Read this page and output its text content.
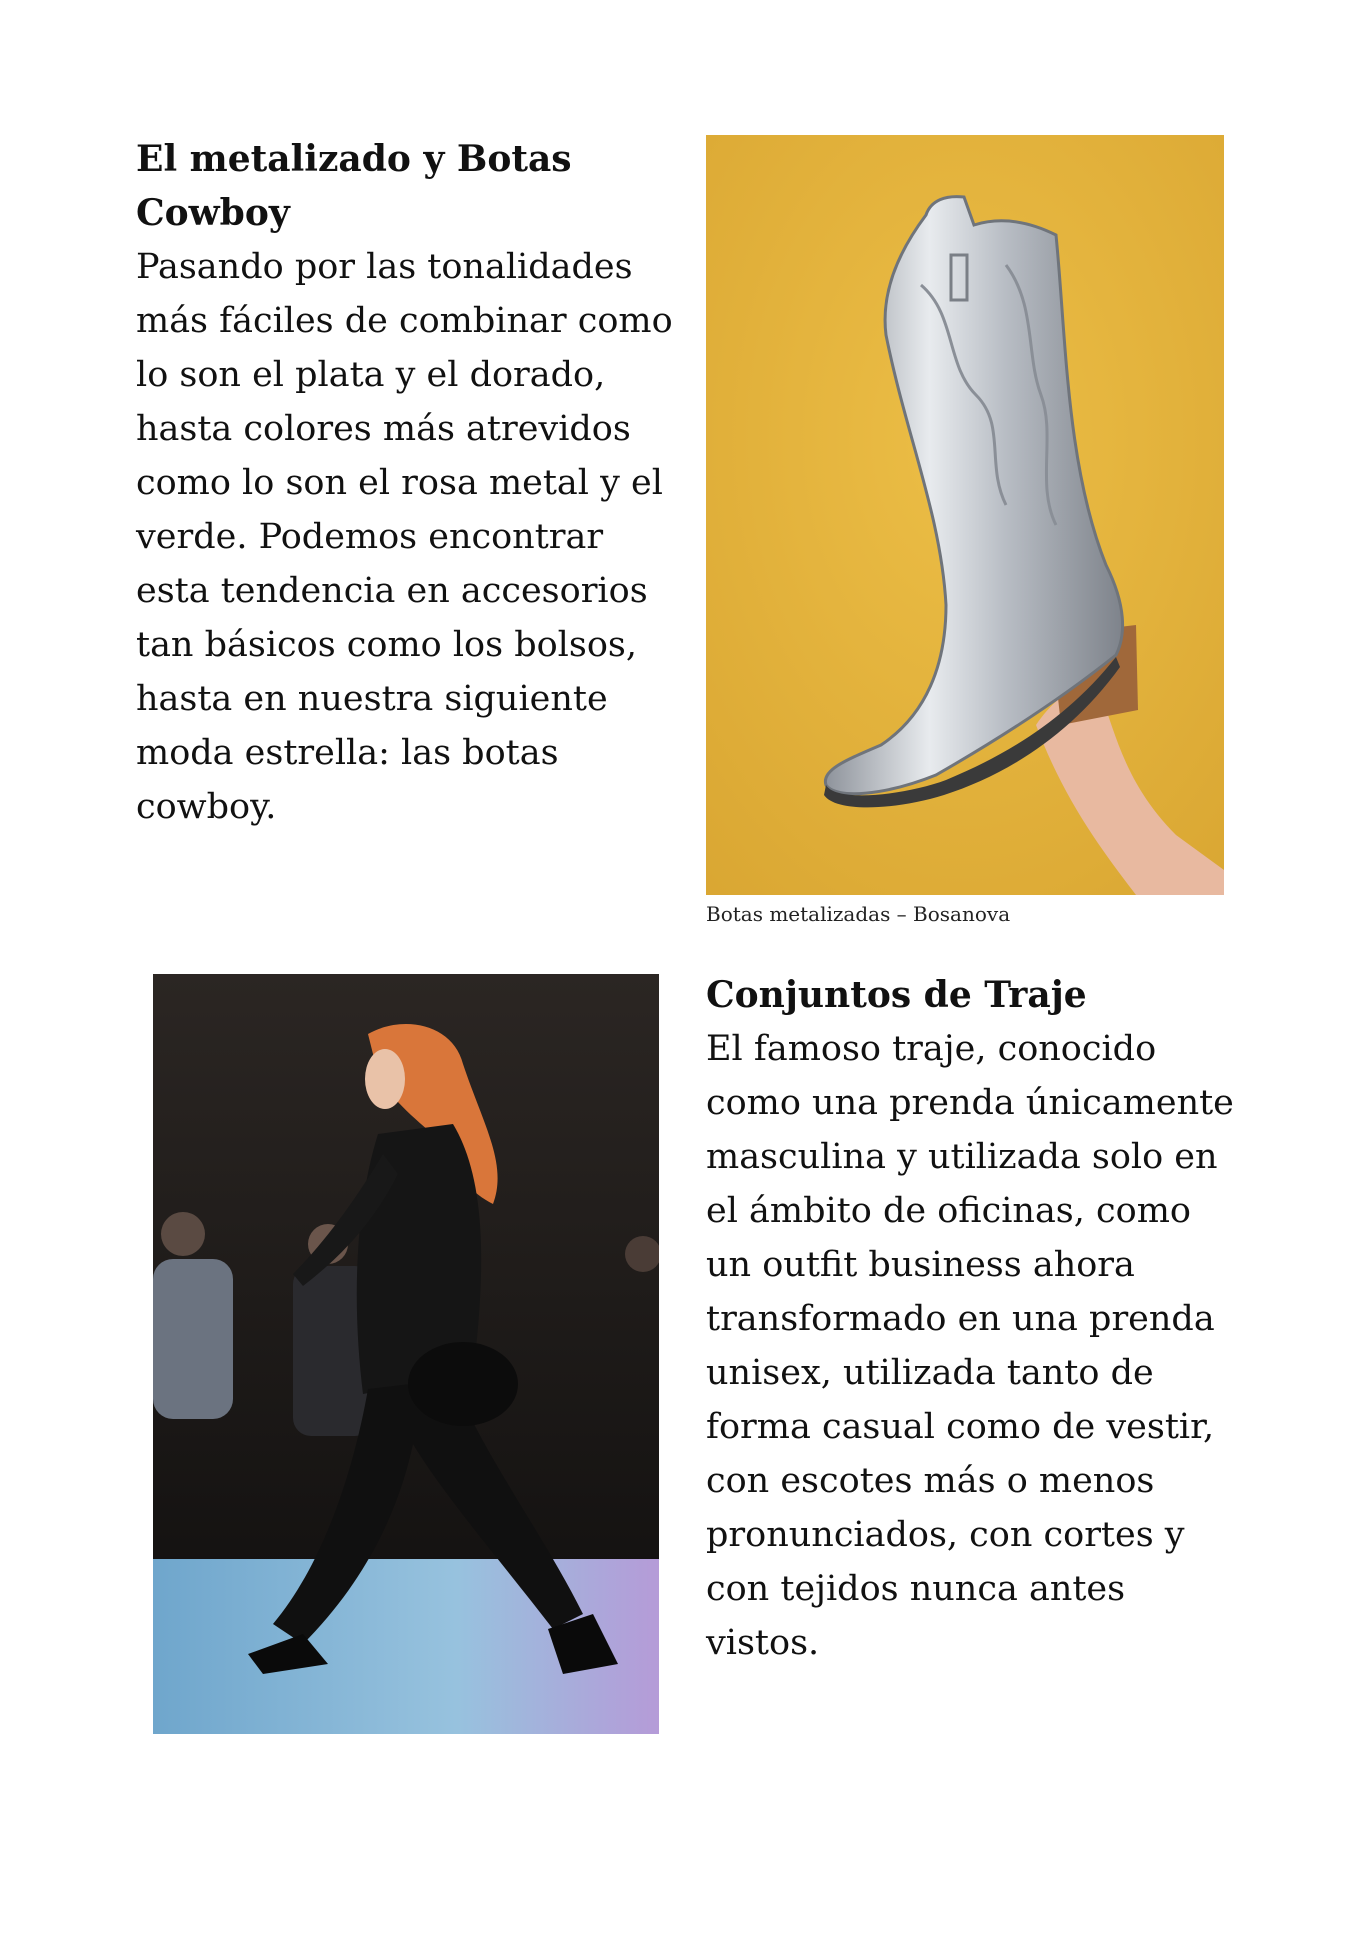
El metalizado y Botas
Cowboy

Pasando por las tonalidades
más fáciles de combinar como
lo son el plata y el dorado,
hasta colores más atrevidos
como lo son el rosa metal y el
verde. Podemos encontrar
esta tendencia en accesorios
tan básicos como los bolsos,
hasta en nuestra siguiente
moda estrella: las botas
cowboy.

Botas metalizadas – Bosanova
Conjuntos de Traje

El famoso traje, conocido
como una prenda únicamente
masculina y utilizada solo en
el ámbito de oficinas, como
un outfit business ahora
transformado en una prenda
unisex, utilizada tanto de
forma casual como de vestir,
con escotes más o menos
pronunciados, con cortes y
con tejidos nunca antes
vistos.
